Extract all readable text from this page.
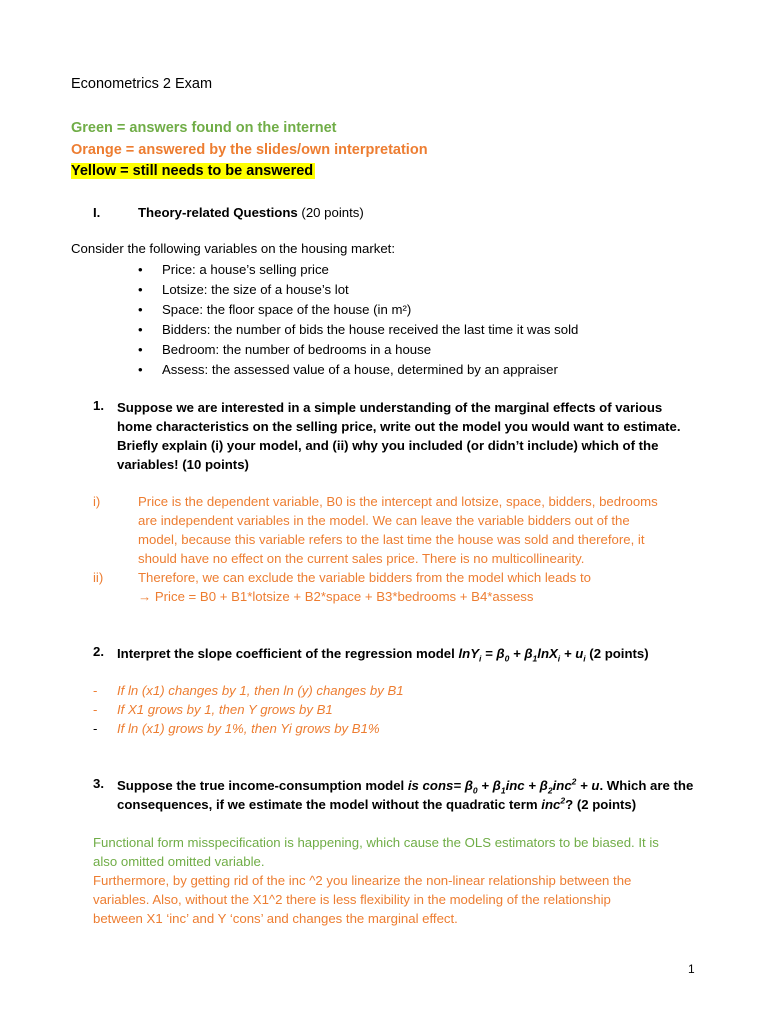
Econometrics 2 Exam
Green = answers found on the internet
Orange = answered by the slides/own interpretation
Yellow = still needs to be answered
I.	Theory-related Questions (20 points)
Consider the following variables on the housing market:
• Price: a house’s selling price
• Lotsize: the size of a house’s lot
• Space: the floor space of the house (in m²)
• Bidders: the number of bids the house received the last time it was sold
• Bedroom: the number of bedrooms in a house
• Assess: the assessed value of a house, determined by an appraiser
1. Suppose we are interested in a simple understanding of the marginal effects of various
home characteristics on the selling price, write out the model you would want to estimate.
Briefly explain (i) your model, and (ii) why you included (or didn’t include) which of the
variables! (10 points)
i)	Price is the dependent variable, B0 is the intercept and lotsize, space, bidders, bedrooms
are independent variables in the model. We can leave the variable bidders out of the
model, because this variable refers to the last time the house was sold and therefore, it
should have no effect on the current sales price. There is no multicollinearity.
ii)	Therefore, we can exclude the variable bidders from the model which leads to
→ Price = B0 + B1*lotsize + B2*space + B3*bedrooms + B4*assess
2. Interpret the slope coefficient of the regression model $\ln Y_i = \beta_0 + \beta_1\ln X_i + u_i$ (2 points)
- If ln (x1) changes by 1, then ln (y) changes by B1
- If X1 grows by 1, then Y grows by B1
- If ln (x1) grows by 1%, then Yi grows by B1%
3. Suppose the true income-consumption model is cons= $\beta_0 + \beta_1inc + \beta_2inc^2 + u$. Which are the
consequences, if we estimate the model without the quadratic term inc$^2$? (2 points)
Functional form misspecification is happening, which cause the OLS estimators to be biased. It is
also omitted omitted variable.
Furthermore, by getting rid of the inc ^2 you linearize the non-linear relationship between the
variables. Also, without the X1^2 there is less flexibility in the modeling of the relationship
between X1 ‘inc’ and Y ‘cons’ and changes the marginal effect.
1
